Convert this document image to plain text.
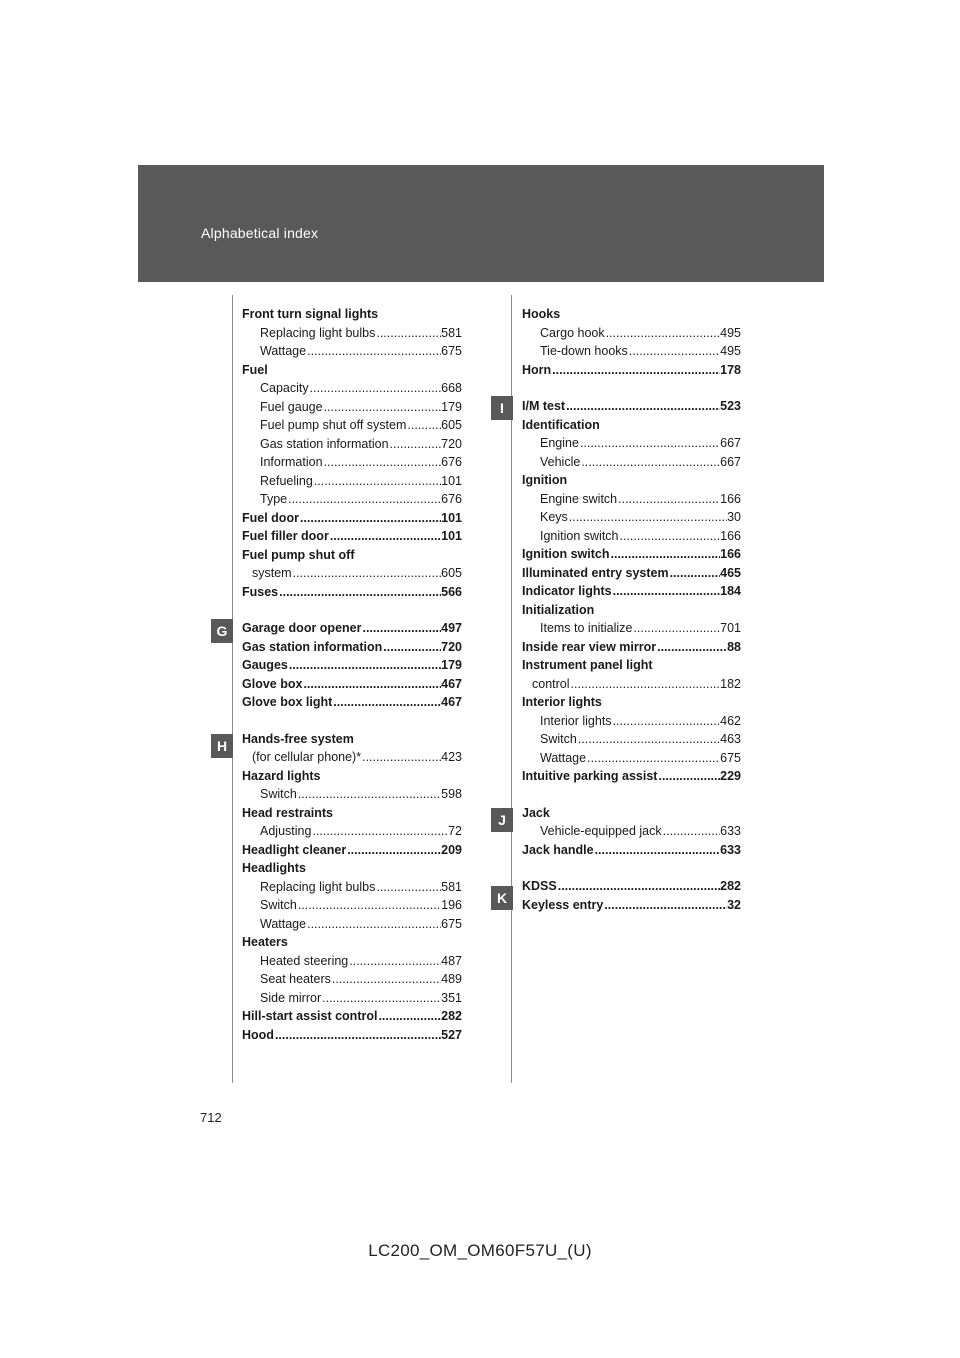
Alphabetical index
G
H
I
J
K
Front turn signal lights
Replacing light bulbs .....	581
Wattage .....	675
Fuel
Capacity .....	668
Fuel gauge .....	179
Fuel pump shut off system .....	605
Gas station information .....	720
Information .....	676
Refueling .....	101
Type .....	676
Fuel door .....	101
Fuel filler door .....	101
Fuel pump shut off
system .....	605
Fuses .....	566
Garage door opener .....	497
Gas station information .....	720
Gauges .....	179
Glove box .....	467
Glove box light .....	467
Hands-free system
(for cellular phone)* .....	423
Hazard lights
Switch .....	598
Head restraints
Adjusting .....	72
Headlight cleaner .....	209
Headlights
Replacing light bulbs .....	581
Switch .....	196
Wattage .....	675
Heaters
Heated steering .....	487
Seat heaters .....	489
Side mirror .....	351
Hill-start assist control .....	282
Hood .....	527
Hooks
Cargo hook .....	495
Tie-down hooks .....	495
Horn .....	178
I/M test .....	523
Identification
Engine .....	667
Vehicle .....	667
Ignition
Engine switch .....	166
Keys .....	30
Ignition switch .....	166
Ignition switch .....	166
Illuminated entry system .....	465
Indicator lights .....	184
Initialization
Items to initialize .....	701
Inside rear view mirror .....	88
Instrument panel light
control .....	182
Interior lights
Interior lights .....	462
Switch .....	463
Wattage .....	675
Intuitive parking assist .....	229
Jack
Vehicle-equipped jack .....	633
Jack handle .....	633
KDSS .....	282
Keyless entry .....	32
712
LC200_OM_OM60F57U_(U)
